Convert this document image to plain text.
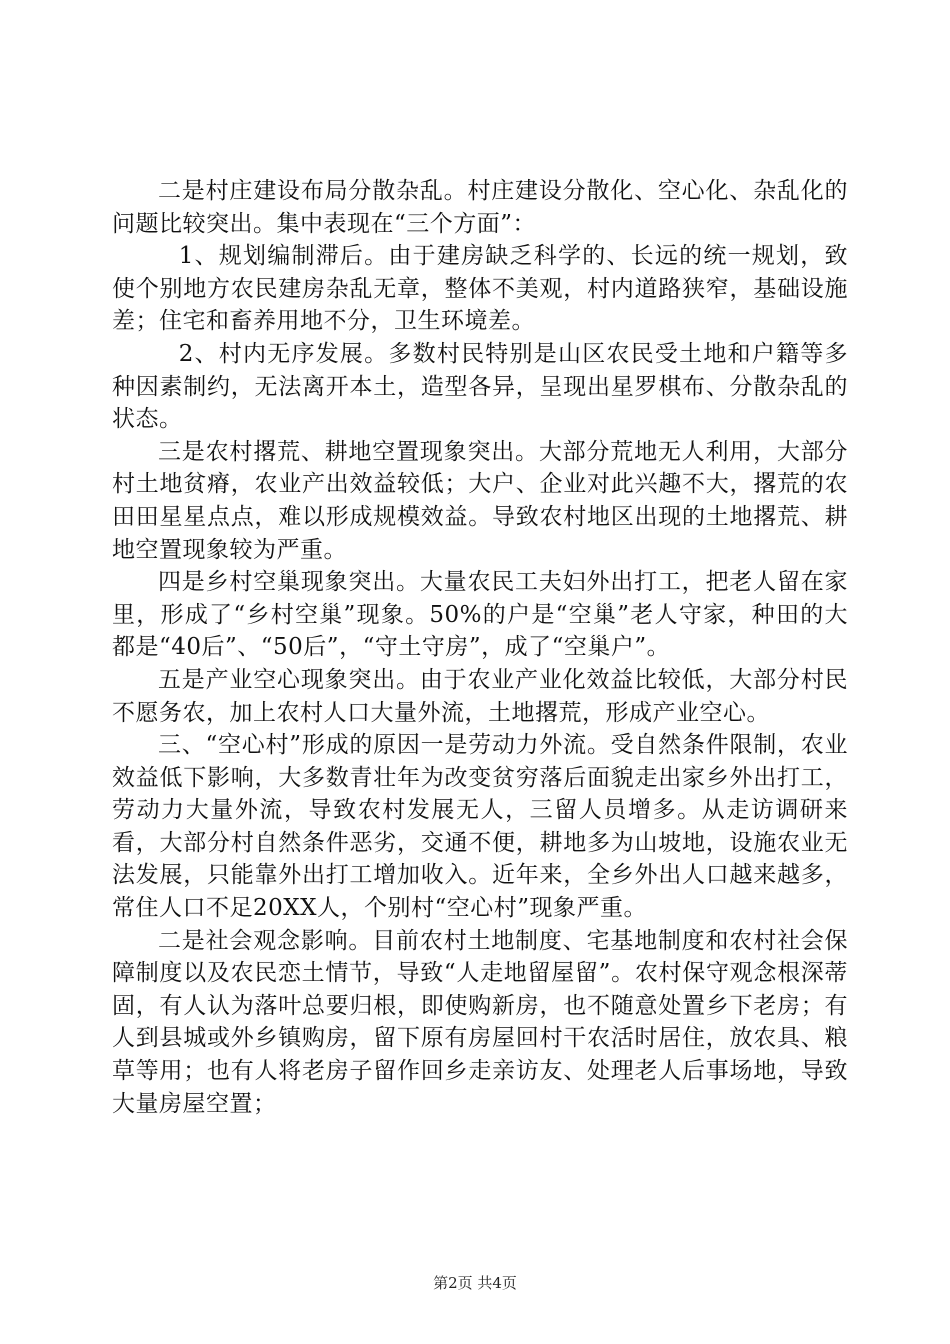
二是村庄建设布局分散杂乱。村庄建设分散化、空心化、杂乱化的问题比较突出。集中表现在“三个方面”：

1、规划编制滞后。由于建房缺乏科学的、长远的统一规划，致使个别地方农民建房杂乱无章，整体不美观，村内道路狭窄，基础设施差；住宅和畜养用地不分，卫生环境差。

2、村内无序发展。多数村民特别是山区农民受土地和户籍等多种因素制约，无法离开本土，造型各异，呈现出星罗棋布、分散杂乱的状态。

三是农村撂荒、耕地空置现象突出。大部分荒地无人利用，大部分村土地贫瘠，农业产出效益较低；大户、企业对此兴趣不大，撂荒的农田田星星点点，难以形成规模效益。导致农村地区出现的土地撂荒、耕地空置现象较为严重。

四是乡村空巢现象突出。大量农民工夫妇外出打工，把老人留在家里，形成了“乡村空巢”现象。50%的户是“空巢”老人守家，种田的大都是“40后”、“50后”，“守土守房”，成了“空巢户”。

五是产业空心现象突出。由于农业产业化效益比较低，大部分村民不愿务农，加上农村人口大量外流，土地撂荒，形成产业空心。

三、“空心村”形成的原因一是劳动力外流。受自然条件限制，农业效益低下影响，大多数青壮年为改变贫穷落后面貌走出家乡外出打工，劳动力大量外流，导致农村发展无人，三留人员增多。从走访调研来看，大部分村自然条件恶劣，交通不便，耕地多为山坡地，设施农业无法发展，只能靠外出打工增加收入。近年来，全乡外出人口越来越多，常住人口不足20XX人，个别村“空心村”现象严重。

二是社会观念影响。目前农村土地制度、宅基地制度和农村社会保障制度以及农民恋土情节，导致“人走地留屋留”。农村保守观念根深蒂固，有人认为落叶总要归根，即使购新房，也不随意处置乡下老房；有人到县城或外乡镇购房，留下原有房屋回村干农活时居住，放农具、粮草等用；也有人将老房子留作回乡走亲访友、处理老人后事场地，导致大量房屋空置；

第2页 共4页
